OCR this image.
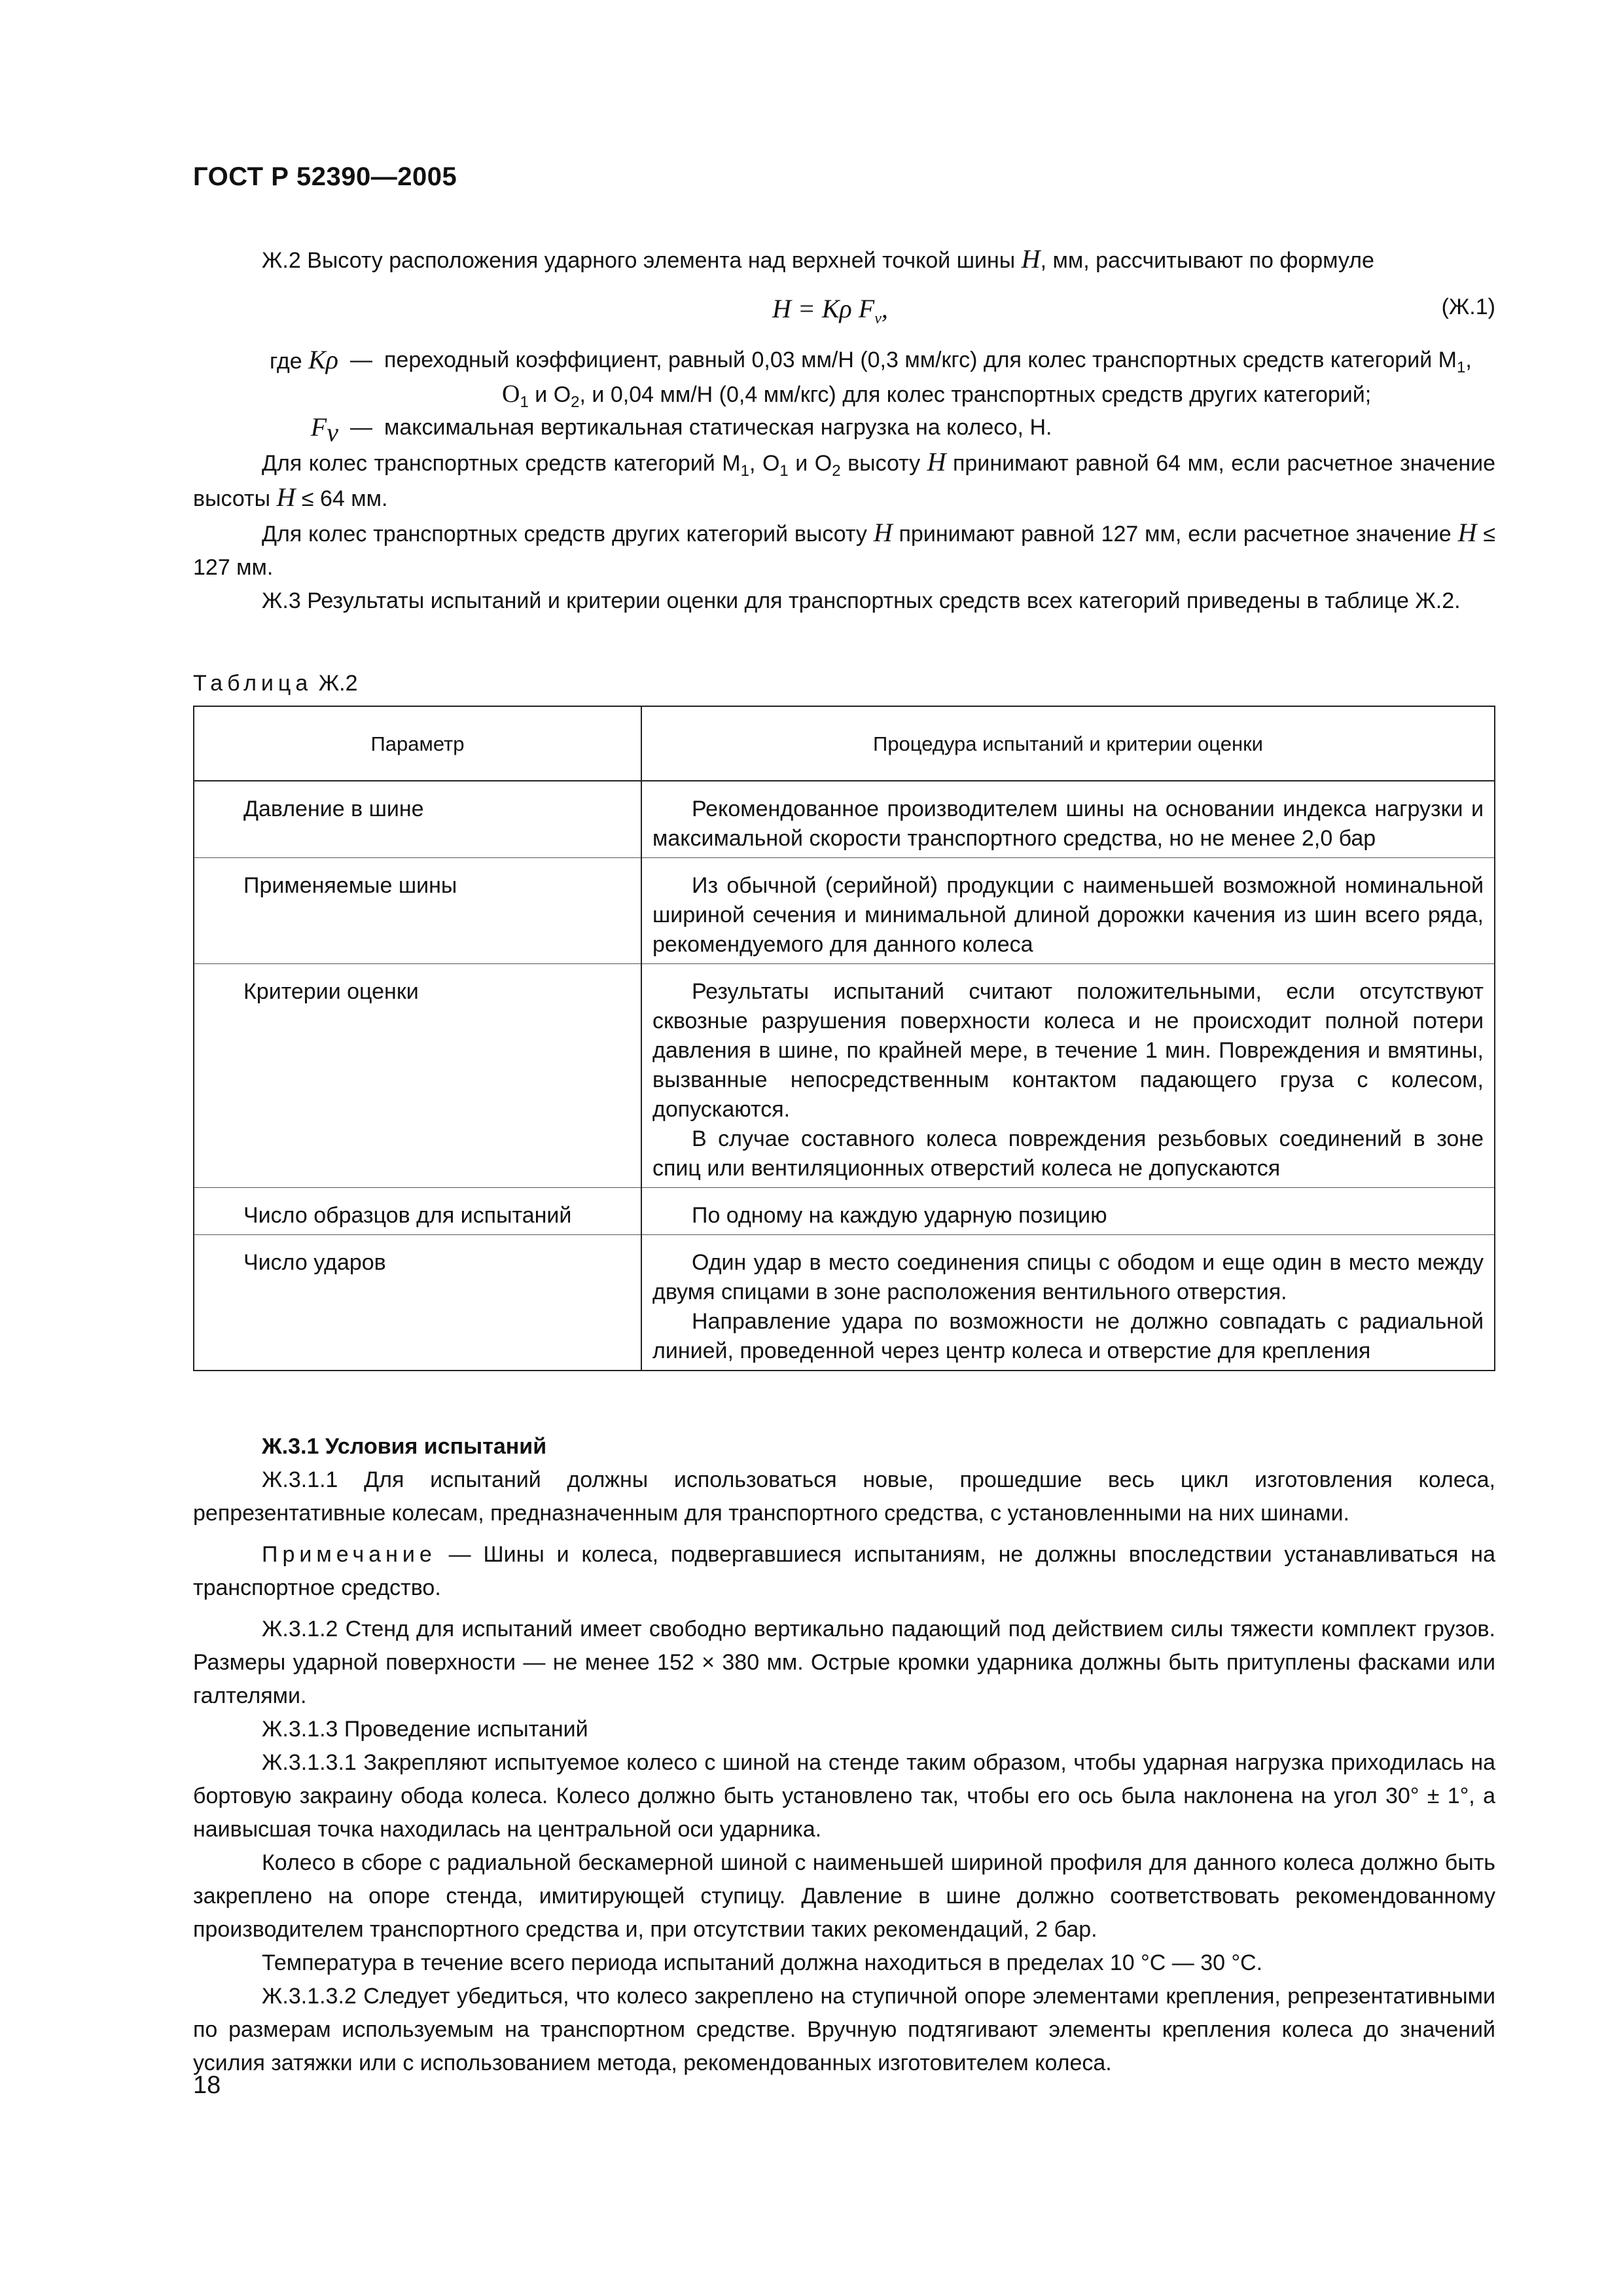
ГОСТ Р 52390—2005

Ж.2 Высоту расположения ударного элемента над верхней точкой шины H, мм, рассчитывают по формуле

H = Kρ $F_v$,	(Ж.1)
где Kρ — переходный коэффициент, равный 0,03 мм/Н (0,3 мм/кгс) для колес транспортных средств категорий $M_1$,
$O_1$ и $O_2$, и 0,04 мм/Н (0,4 мм/кгс) для колес транспортных средств других категорий;
$F_v$ — максимальная вертикальная статическая нагрузка на колесо, Н.

Для колес транспортных средств категорий $M_1$, $O_1$ и $O_2$ высоту H принимают равной 64 мм, если расчетное значение высоты H ≤ 64 мм.

Для колес транспортных средств других категорий высоту H принимают равной 127 мм, если расчетное значение H ≤ 127 мм.

Ж.3 Результаты испытаний и критерии оценки для транспортных средств всех категорий приведены в таблице Ж.2.

Таблица Ж.2
Параметр	Процедура испытаний и критерии оценки
Давление в шине	Рекомендованное производителем шины на основании индекса нагрузки и максимальной скорости транспортного средства, но не менее 2,0 бар

Применяемые шины	Из обычной (серийной) продукции с наименьшей возможной номинальной шириной сечения и минимальной длиной дорожки качения из шин всего ряда, рекомендуемого для данного колеса

Критерии оценки	Результаты испытаний считают положительными, если отсутствуют сквозные разрушения поверхности колеса и не происходит полной потери давления в шине, по крайней мере, в течение 1 мин. Повреждения и вмятины, вызванные непосредственным контактом падающего груза с колесом, допускаются.

В случае составного колеса повреждения резьбовых соединений в зоне спиц или вентиляционных отверстий колеса не допускаются

Число образцов для испытаний	По одному на каждую ударную позицию

Число ударов	Один удар в место соединения спицы с ободом и еще один в место между двумя спицами в зоне расположения вентильного отверстия.

Направление удара по возможности не должно совпадать с радиальной линией, проведенной через центр колеса и отверстие для крепления

Ж.3.1 Условия испытаний

Ж.3.1.1 Для испытаний должны использоваться новые, прошедшие весь цикл изготовления колеса, репрезентативные колесам, предназначенным для транспортного средства, с установленными на них шинами.

Примечание — Шины и колеса, подвергавшиеся испытаниям, не должны впоследствии устанавливаться на транспортное средство.

Ж.3.1.2 Стенд для испытаний имеет свободно вертикально падающий под действием силы тяжести комплект грузов. Размеры ударной поверхности — не менее 152 × 380 мм. Острые кромки ударника должны быть притуплены фасками или галтелями.

Ж.3.1.3 Проведение испытаний

Ж.3.1.3.1 Закрепляют испытуемое колесо с шиной на стенде таким образом, чтобы ударная нагрузка приходилась на бортовую закраину обода колеса. Колесо должно быть установлено так, чтобы его ось была наклонена на угол 30° ± 1°, а наивысшая точка находилась на центральной оси ударника.

Колесо в сборе с радиальной бескамерной шиной с наименьшей шириной профиля для данного колеса должно быть закреплено на опоре стенда, имитирующей ступицу. Давление в шине должно соответствовать рекомендованному производителем транспортного средства и, при отсутствии таких рекомендаций, 2 бар.

Температура в течение всего периода испытаний должна находиться в пределах 10 °C — 30 °C.

Ж.3.1.3.2 Следует убедиться, что колесо закреплено на ступичной опоре элементами крепления, репрезентативными по размерам используемым на транспортном средстве. Вручную подтягивают элементы крепления колеса до значений усилия затяжки или с использованием метода, рекомендованных изготовителем колеса.

18
